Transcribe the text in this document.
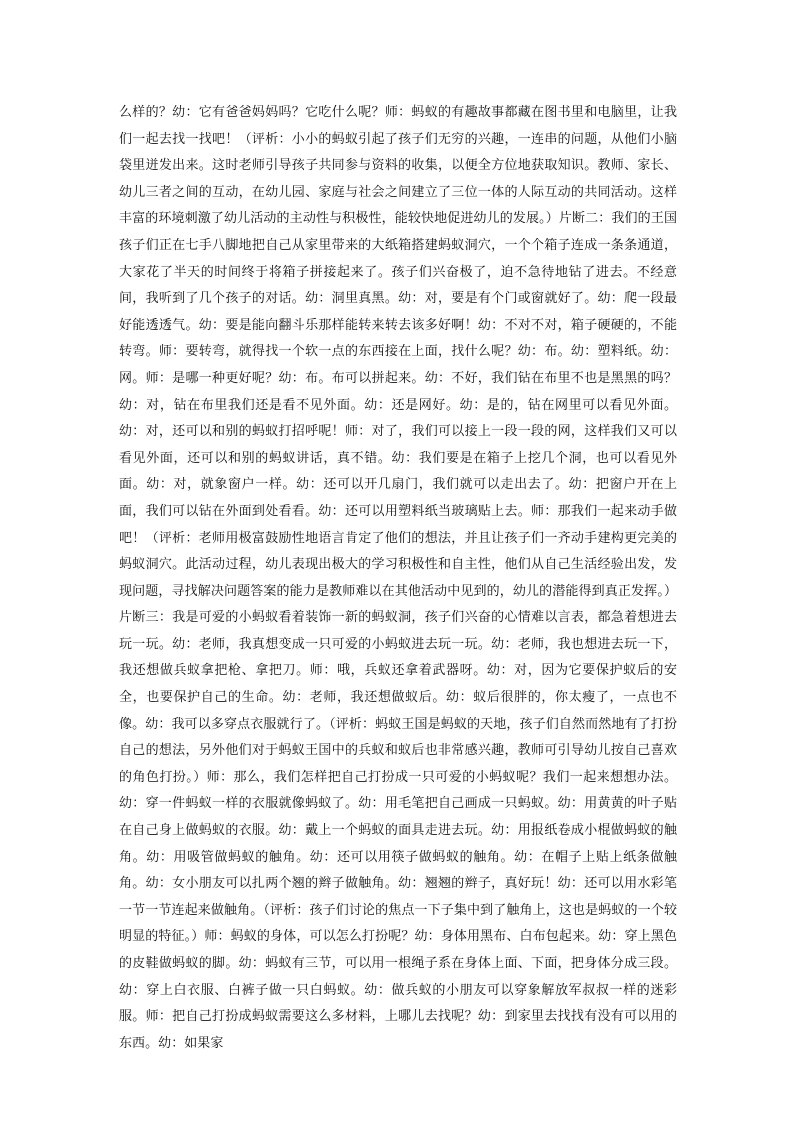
么样的？幼：它有爸爸妈妈吗？它吃什么呢？师：蚂蚁的有趣故事都藏在图书里和电脑里，让我们一起去找一找吧！（评析：小小的蚂蚁引起了孩子们无穷的兴趣，一连串的问题，从他们小脑袋里迸发出来。这时老师引导孩子共同参与资料的收集，以便全方位地获取知识。教师、家长、幼儿三者之间的互动，在幼儿园、家庭与社会之间建立了三位一体的人际互动的共同活动。这样丰富的环境刺激了幼儿活动的主动性与积极性，能较快地促进幼儿的发展。）片断二：我们的王国孩子们正在七手八脚地把自己从家里带来的大纸箱搭建蚂蚁洞穴，一个个箱子连成一条条通道，大家花了半天的时间终于将箱子拼接起来了。孩子们兴奋极了，迫不急待地钻了进去。不经意间，我听到了几个孩子的对话。幼：洞里真黑。幼：对，要是有个门或窗就好了。幼：爬一段最好能透透气。幼：要是能向翻斗乐那样能转来转去该多好啊！幼：不对不对，箱子硬硬的，不能转弯。师：要转弯，就得找一个软一点的东西接在上面，找什么呢？幼：布。幼：塑料纸。幼：网。师：是哪一种更好呢？幼：布。布可以拼起来。幼：不好，我们钻在布里不也是黑黑的吗？幼：对，钻在布里我们还是看不见外面。幼：还是网好。幼：是的，钻在网里可以看见外面。幼：对，还可以和别的蚂蚁打招呼呢！师：对了，我们可以接上一段一段的网，这样我们又可以看见外面，还可以和别的蚂蚁讲话，真不错。幼：我们要是在箱子上挖几个洞，也可以看见外面。幼：对，就象窗户一样。幼：还可以开几扇门，我们就可以走出去了。幼：把窗户开在上面，我们可以钻在外面到处看看。幼：还可以用塑料纸当玻璃贴上去。师：那我们一起来动手做吧！（评析：老师用极富鼓励性地语言肯定了他们的想法，并且让孩子们一齐动手建构更完美的蚂蚁洞穴。此活动过程，幼儿表现出极大的学习积极性和自主性，他们从自己生活经验出发，发现问题，寻找解决问题答案的能力是教师难以在其他活动中见到的，幼儿的潜能得到真正发挥。）片断三：我是可爱的小蚂蚁看着装饰一新的蚂蚁洞，孩子们兴奋的心情难以言表，都急着想进去玩一玩。幼：老师，我真想变成一只可爱的小蚂蚁进去玩一玩。幼：老师，我也想进去玩一下，我还想做兵蚁拿把枪、拿把刀。师：哦，兵蚁还拿着武器呀。幼：对，因为它要保护蚁后的安全，也要保护自己的生命。幼：老师，我还想做蚁后。幼：蚁后很胖的，你太瘦了，一点也不像。幼：我可以多穿点衣服就行了。（评析：蚂蚁王国是蚂蚁的天地，孩子们自然而然地有了打扮自己的想法，另外他们对于蚂蚁王国中的兵蚁和蚁后也非常感兴趣，教师可引导幼儿按自己喜欢的角色打扮。）师：那么，我们怎样把自己打扮成一只可爱的小蚂蚁呢？我们一起来想想办法。幼：穿一件蚂蚁一样的衣服就像蚂蚁了。幼：用毛笔把自己画成一只蚂蚁。幼：用黄黄的叶子贴在自己身上做蚂蚁的衣服。幼：戴上一个蚂蚁的面具走进去玩。幼：用报纸卷成小棍做蚂蚁的触角。幼：用吸管做蚂蚁的触角。幼：还可以用筷子做蚂蚁的触角。幼：在帽子上贴上纸条做触角。幼：女小朋友可以扎两个翘的辫子做触角。幼：翘翘的辫子，真好玩！幼：还可以用水彩笔一节一节连起来做触角。（评析：孩子们讨论的焦点一下子集中到了触角上，这也是蚂蚁的一个较明显的特征。）师：蚂蚁的身体，可以怎么打扮呢？幼：身体用黑布、白布包起来。幼：穿上黑色的皮鞋做蚂蚁的脚。幼：蚂蚁有三节，可以用一根绳子系在身体上面、下面，把身体分成三段。幼：穿上白衣服、白裤子做一只白蚂蚁。幼：做兵蚁的小朋友可以穿象解放军叔叔一样的迷彩服。师：把自己打扮成蚂蚁需要这么多材料，上哪儿去找呢？幼：到家里去找找有没有可以用的东西。幼：如果家
